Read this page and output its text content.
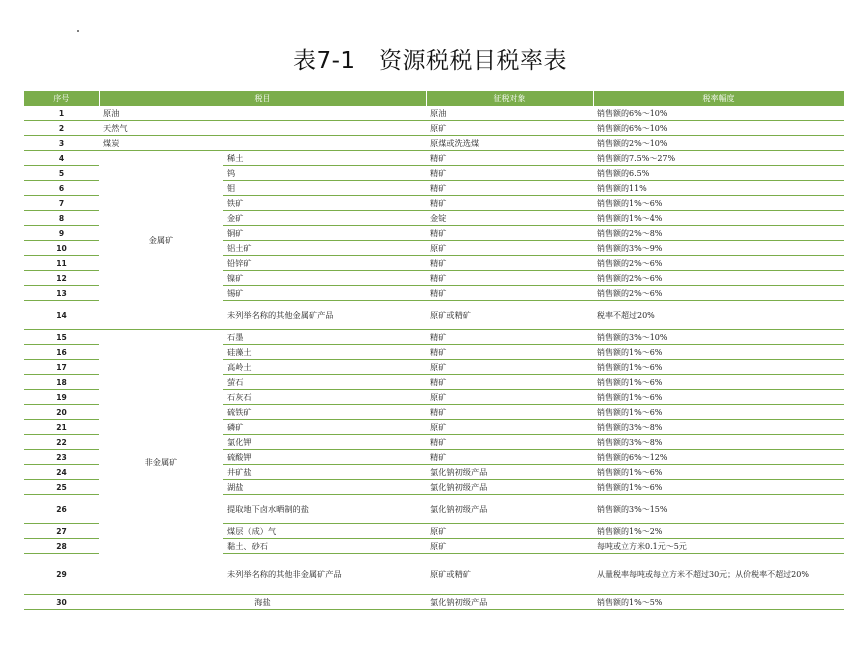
表7-1　资源税税目税率表
序号	税目		征税对象	税率幅度
1	原油		原油	销售额的6%～10%
2	天然气		原矿	销售额的6%～10%
3	煤炭		原煤或洗选煤	销售额的2%～10%
4	金属矿	稀土	精矿	销售额的7.5%～27%
5		钨	精矿	销售额的6.5%
6		钼	精矿	销售额的11%
7		铁矿	精矿	销售额的1%～6%
8		金矿	金锭	销售额的1%～4%
9		铜矿	精矿	销售额的2%～8%
10		铝土矿	原矿	销售额的3%～9%
11		铅锌矿	精矿	销售额的2%～6%
12		镍矿	精矿	销售额的2%～6%
13		锡矿	精矿	销售额的2%～6%
14		未列举名称的其他金属矿产品	原矿或精矿	税率不超过20%
15	非金属矿	石墨	精矿	销售额的3%～10%
16		硅藻土	精矿	销售额的1%～6%
17		高岭土	原矿	销售额的1%～6%
18		萤石	精矿	销售额的1%～6%
19		石灰石	原矿	销售额的1%～6%
20		硫铁矿	精矿	销售额的1%～6%
21		磷矿	原矿	销售额的3%～8%
22		氯化钾	精矿	销售额的3%～8%
23		硫酸钾	精矿	销售额的6%～12%
24		井矿盐	氯化钠初级产品	销售额的1%～6%
25		湖盐	氯化钠初级产品	销售额的1%～6%
26		提取地下卤水晒制的盐	氯化钠初级产品	销售额的3%～15%
27		煤层（成）气	原矿	销售额的1%～2%
28		黏土、砂石	原矿	每吨或立方米0.1元～5元
29		未列举名称的其他非金属矿产品	原矿或精矿	从量税率每吨或每立方米不超过30元；从价税率不超过20%
30	海盐		氯化钠初级产品	销售额的1%～5%
